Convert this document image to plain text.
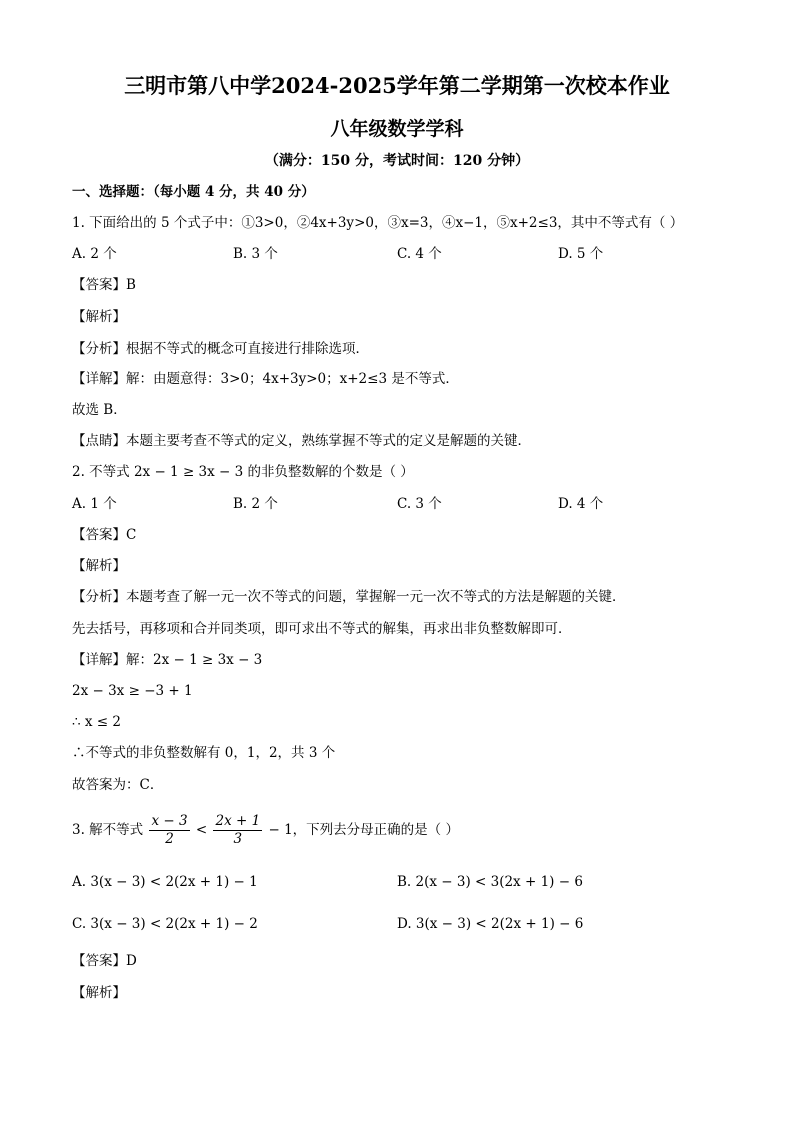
三明市第八中学2024-2025学年第二学期第一次校本作业
八年级数学学科
（满分：150 分，考试时间：120 分钟）
一、选择题：（每小题 4 分，共 40 分）
1. 下面给出的 5 个式子中：①3>0，②4x+3y>0，③x=3，④x−1，⑤x+2≤3，其中不等式有（ ）
A. 2 个	B. 3 个	C. 4 个	D. 5 个
【答案】B
【解析】
【分析】根据不等式的概念可直接进行排除选项．
【详解】解：由题意得：3>0；4x+3y>0；x+2≤3 是不等式．
故选 B．
【点睛】本题主要考查不等式的定义，熟练掌握不等式的定义是解题的关键．
2. 不等式 2x − 1 ≥ 3x − 3 的非负整数解的个数是（ ）
A. 1 个	B. 2 个	C. 3 个	D. 4 个
【答案】C
【解析】
【分析】本题考查了解一元一次不等式的问题，掌握解一元一次不等式的方法是解题的关键．
先去括号，再移项和合并同类项，即可求出不等式的解集，再求出非负整数解即可．
【详解】解：2x − 1 ≥ 3x − 3
2x − 3x ≥ −3 + 1
∴ x ≤ 2
∴不等式的非负整数解有 0，1，2，共 3 个
故答案为：C．
3. 解不等式 $\frac{x - 3}{2} < \frac{2x + 1}{3} - 1$，下列去分母正确的是（ ）
A. 3(x − 3) < 2(2x + 1) − 1	B. 2(x − 3) < 3(2x + 1) − 6
C. 3(x − 3) < 2(2x + 1) − 2	D. 3(x − 3) < 2(2x + 1) − 6
【答案】D
【解析】
